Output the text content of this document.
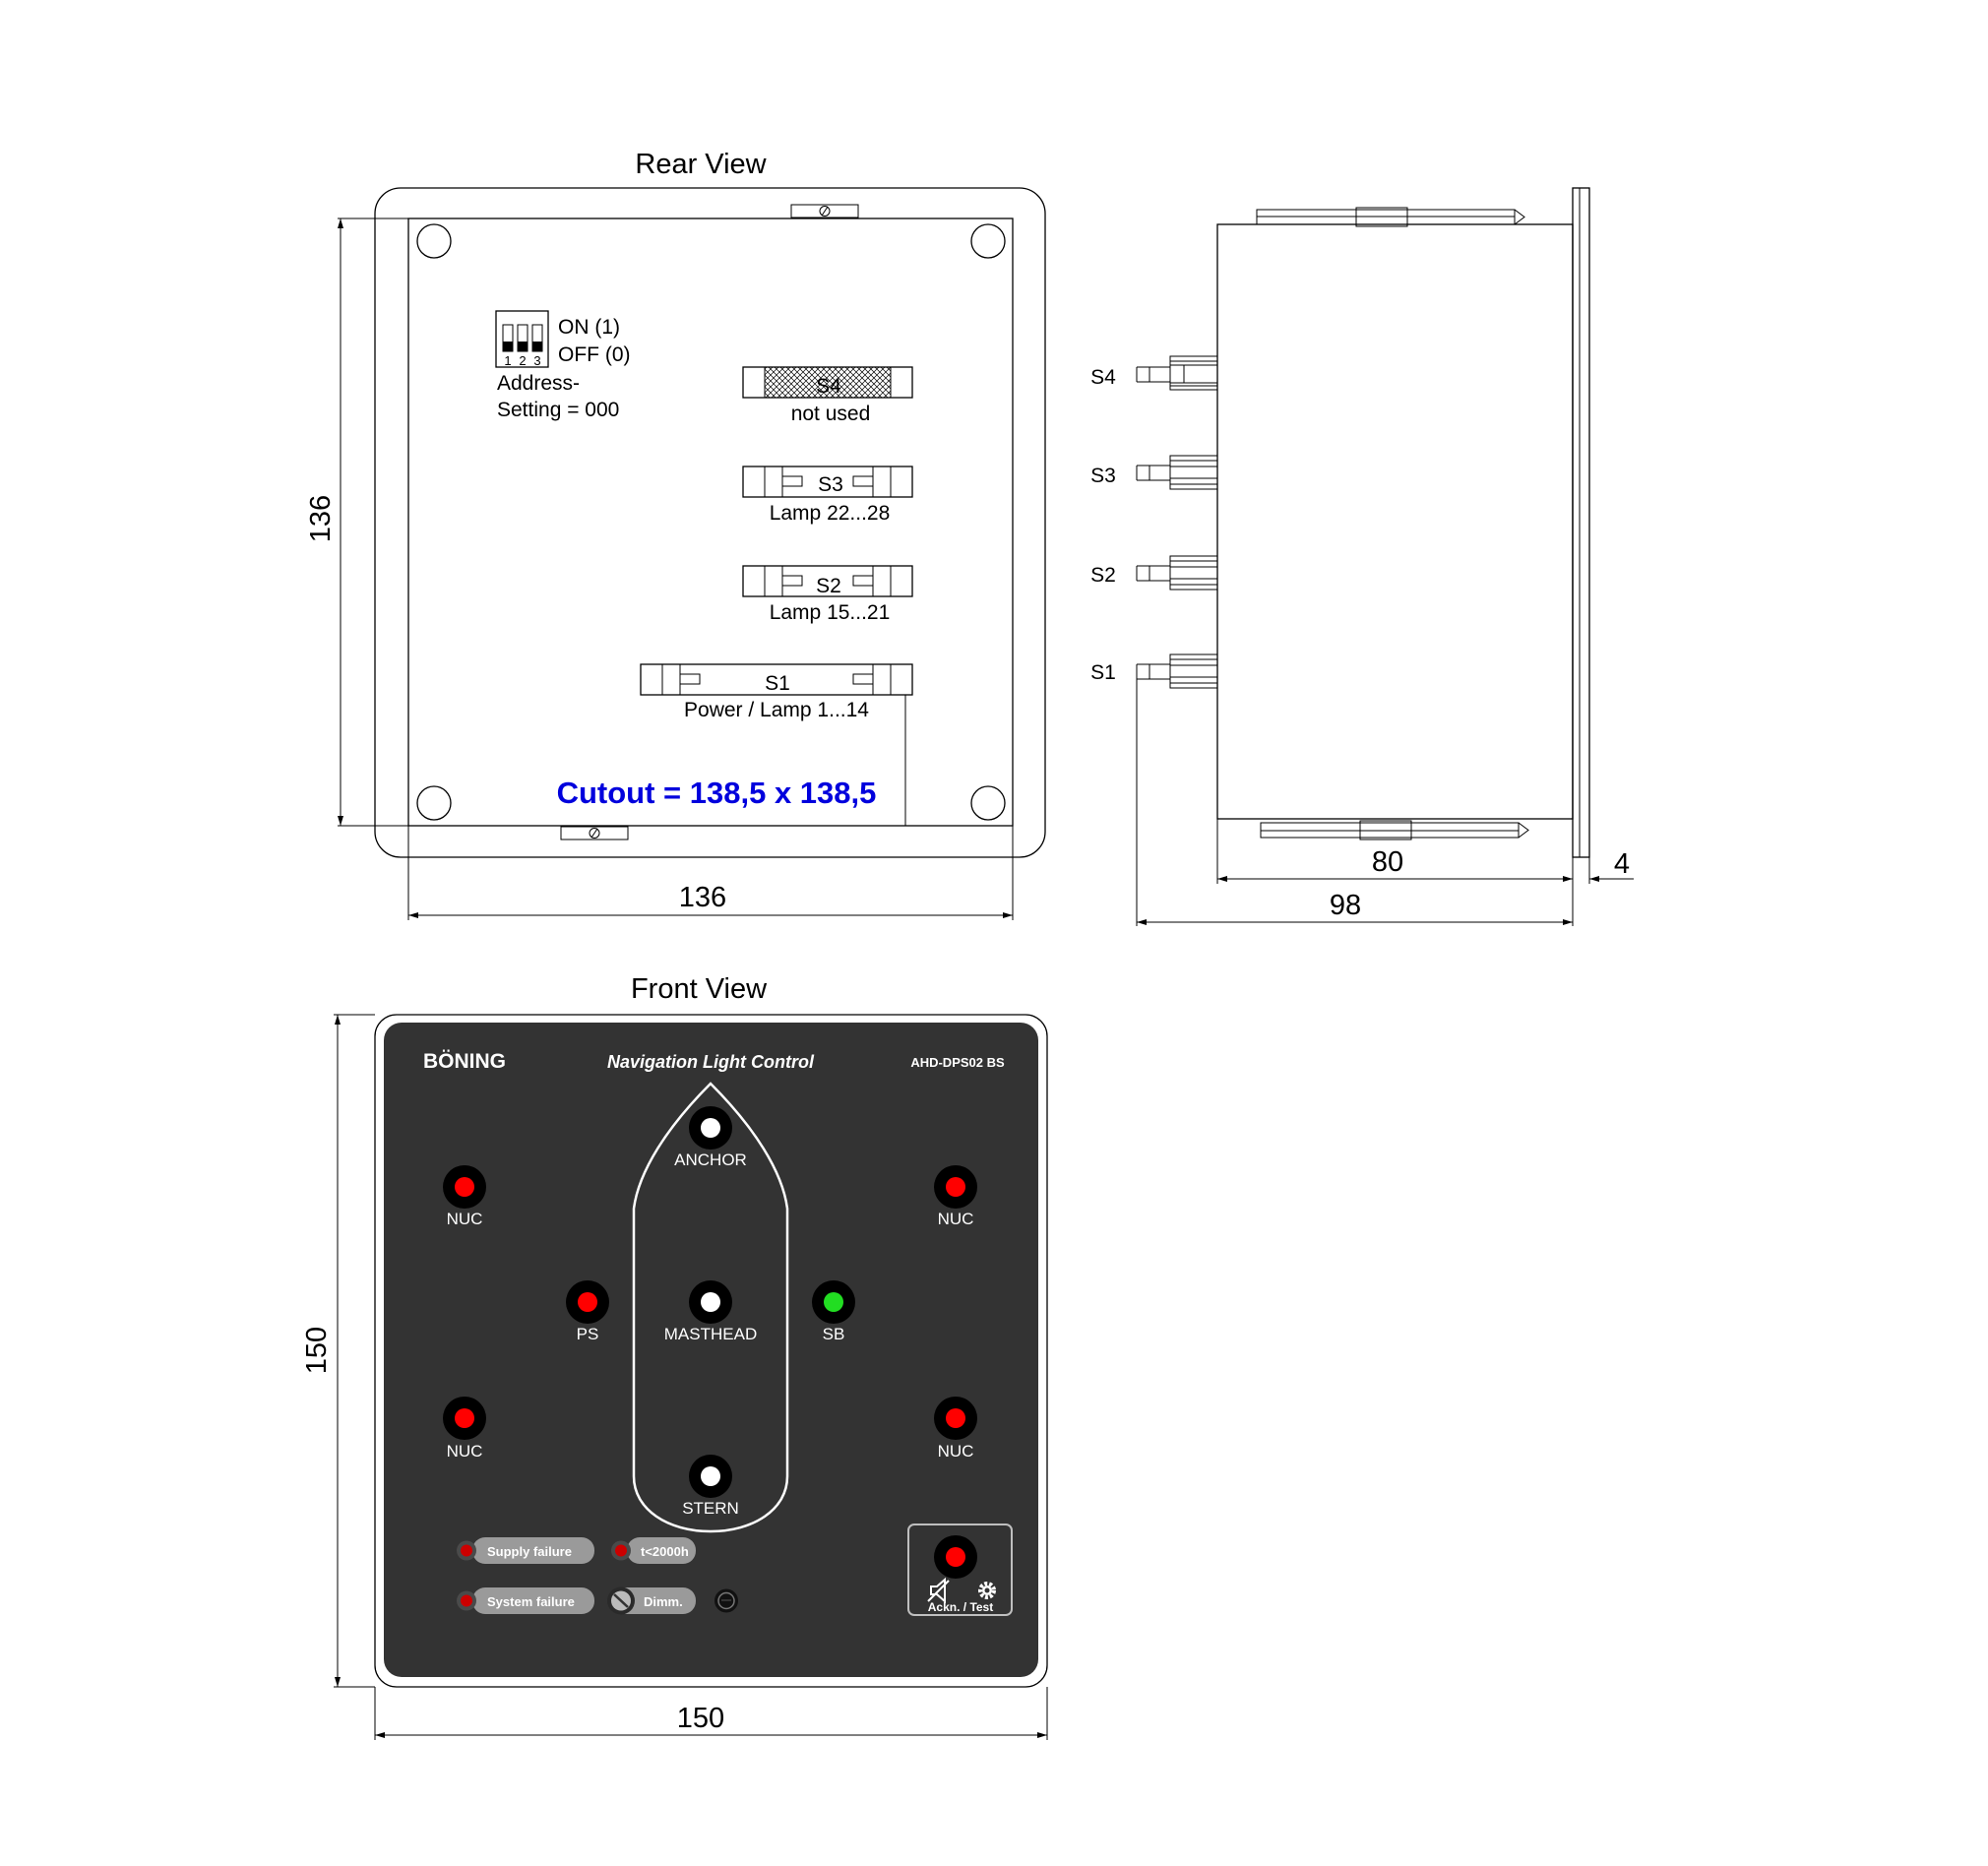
Rear View
1 2 3
ON (1)
OFF (0)
Address-
Setting = 000
S4
not used
S3
Lamp 22...28
S2
Lamp 15...21
S1
Power / Lamp 1...14
Cutout = 138,5 x 138,5
136
136
S4
S3
S2
S1
80	4
98
Front View
BÖNING	Navigation Light Control	AHD-DPS02 BS
ANCHOR
NUC	NUC
PS	MASTHEAD	SB
NUC	NUC
STERN
Supply failure	t<2000h
System failure	Dimm.	Ackn. / Test
150
150
